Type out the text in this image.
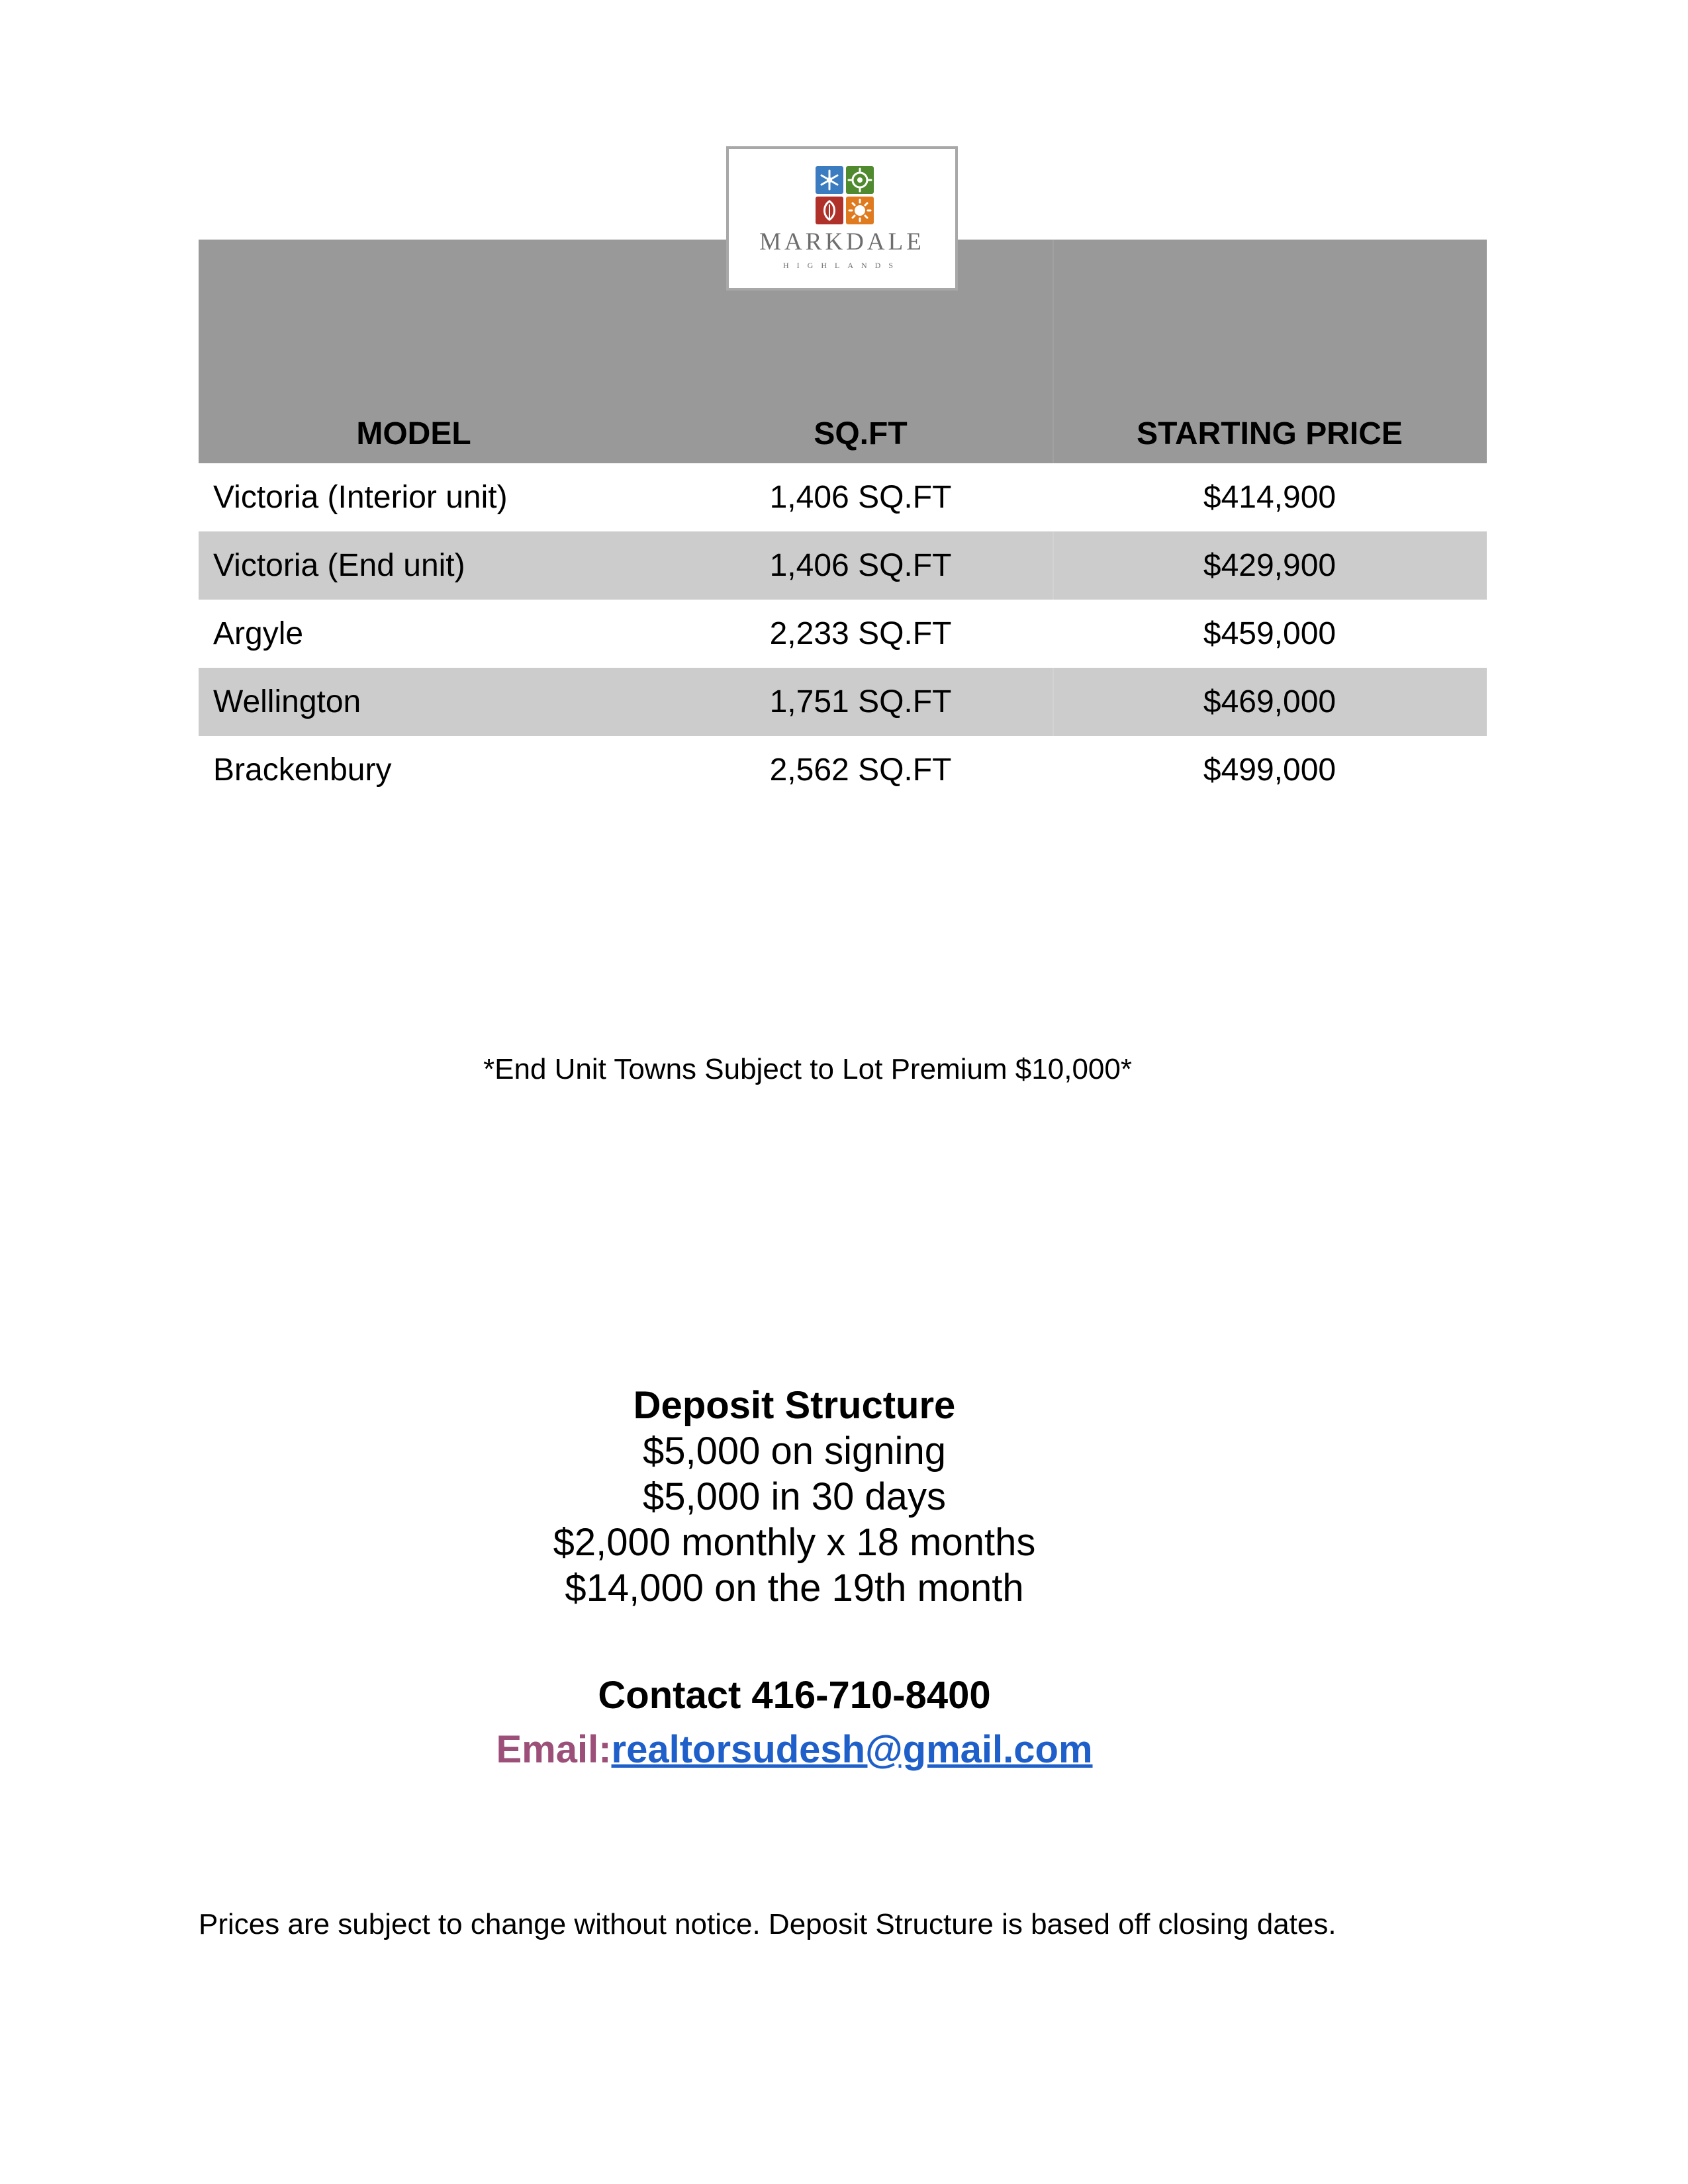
MODEL	SQ.FT	STARTING PRICE
Victoria (Interior unit)	1,406 SQ.FT	$414,900
Victoria (End unit)	1,406 SQ.FT	$429,900
Argyle	2,233 SQ.FT	$459,000
Wellington	1,751 SQ.FT	$469,000
Brackenbury	2,562 SQ.FT	$499,000
MARKDALE
HIGHLANDS
*End Unit Towns Subject to Lot Premium $10,000*
Deposit Structure
$5,000 on signing
$5,000 in 30 days
$2,000 monthly x 18 months
$14,000 on the 19th month
Contact 416-710-8400
Email:realtorsudesh@gmail.com
Prices are subject to change without notice. Deposit Structure is based off closing dates.
